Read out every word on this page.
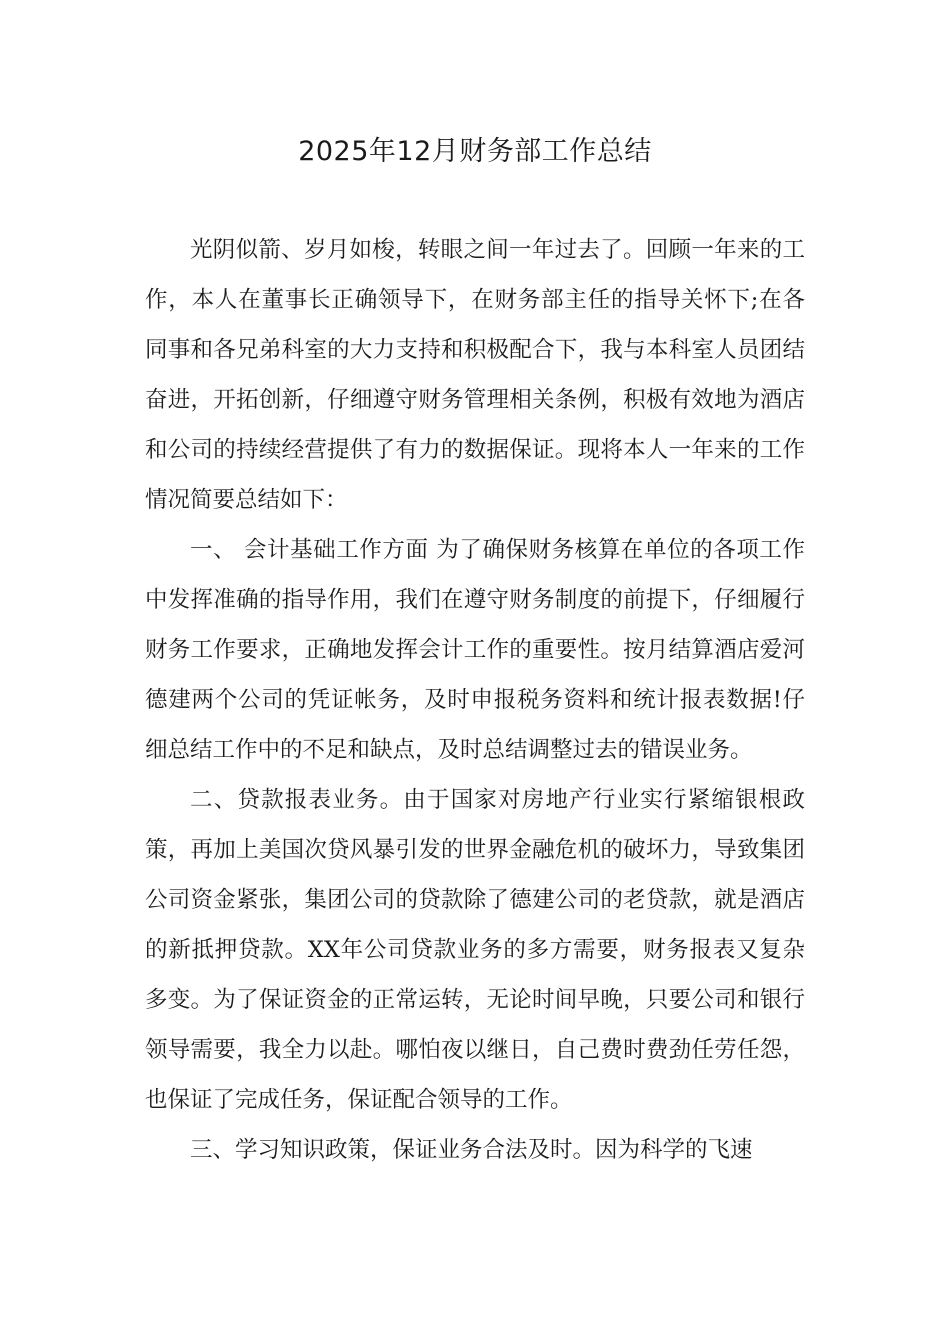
2025年12月财务部工作总结

光阴似箭、岁月如梭，转眼之间一年过去了。回顾一年来的工作，本人在董事长正确领导下，在财务部主任的指导关怀下;在各同事和各兄弟科室的大力支持和积极配合下，我与本科室人员团结奋进，开拓创新，仔细遵守财务管理相关条例，积极有效地为酒店和公司的持续经营提供了有力的数据保证。现将本人一年来的工作情况简要总结如下：

一、 会计基础工作方面 为了确保财务核算在单位的各项工作中发挥准确的指导作用，我们在遵守财务制度的前提下，仔细履行财务工作要求，正确地发挥会计工作的重要性。按月结算酒店爱河德建两个公司的凭证帐务，及时申报税务资料和统计报表数据!仔细总结工作中的不足和缺点，及时总结调整过去的错误业务。

二、贷款报表业务。由于国家对房地产行业实行紧缩银根政策，再加上美国次贷风暴引发的世界金融危机的破坏力，导致集团公司资金紧张，集团公司的贷款除了德建公司的老贷款，就是酒店的新抵押贷款。XX年公司贷款业务的多方需要，财务报表又复杂多变。为了保证资金的正常运转，无论时间早晚，只要公司和银行领导需要，我全力以赴。哪怕夜以继日，自己费时费劲任劳任怨，也保证了完成任务，保证配合领导的工作。

三、学习知识政策，保证业务合法及时。因为科学的飞速
